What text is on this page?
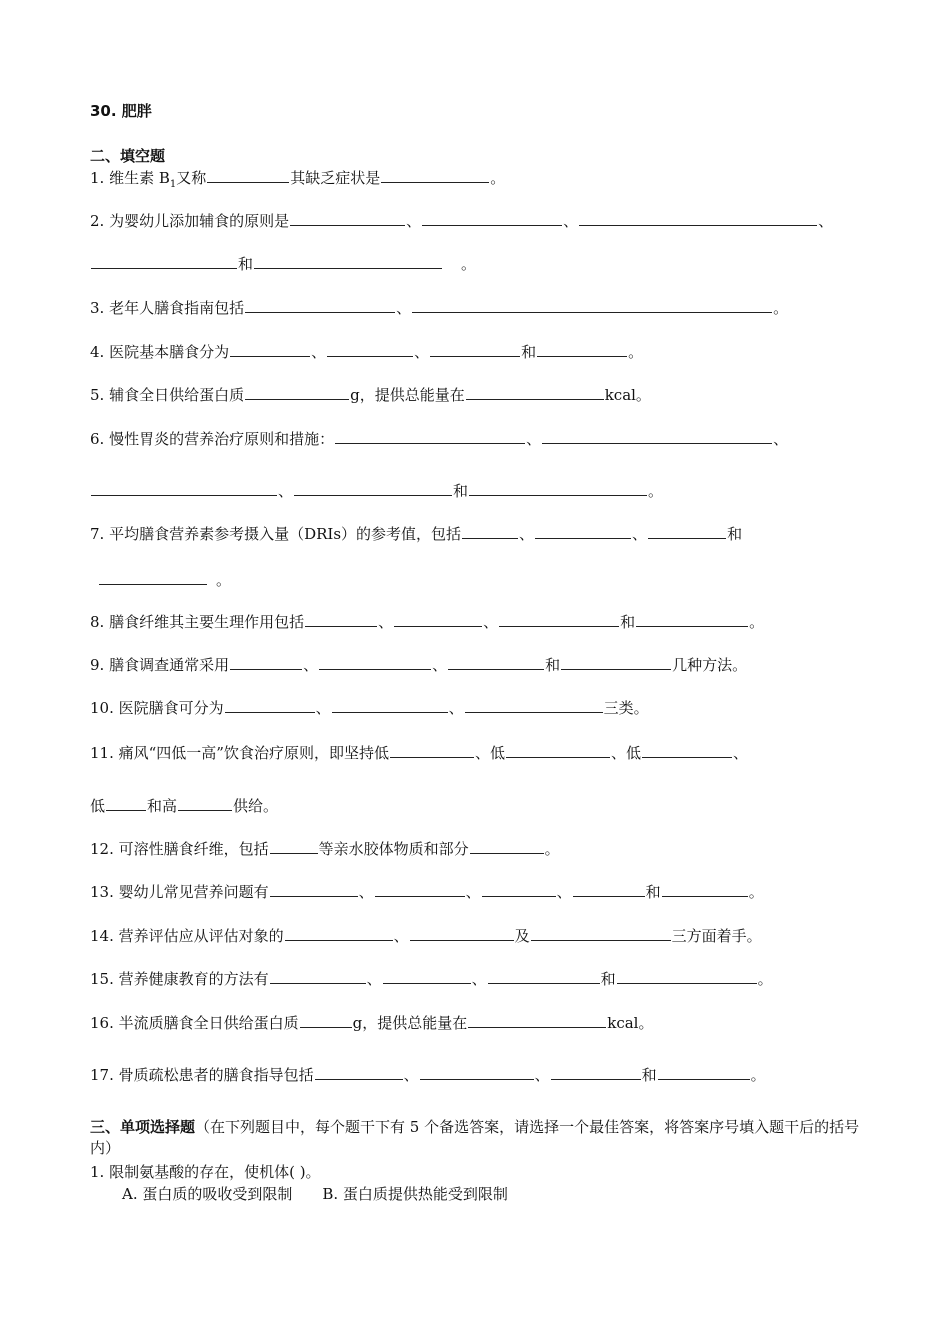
30. 肥胖
二、填空题
1. 维生素 $B_1$又称	其缺乏症状是	。
2. 为婴幼儿添加辅食的原则是	、	、	、
和	。
3. 老年人膳食指南包括	、	。
4. 医院基本膳食分为	、	、	和	。
5. 辅食全日供给蛋白质	g，提供总能量在	kcal。
6. 慢性胃炎的营养治疗原则和措施：	、	、
、	和	。
7. 平均膳食营养素参考摄入量（DRIs）的参考值，包括	、	、	和
。
8. 膳食纤维其主要生理作用包括	、	、	和	。
9. 膳食调查通常采用	、	、	和	几种方法。
10. 医院膳食可分为	、	、	三类。
11. 痛风“四低一高”饮食治疗原则，即坚持低	、低	、低	、
低	和高	供给。
12. 可溶性膳食纤维，包括	等亲水胶体物质和部分	。
13. 婴幼儿常见营养问题有	、	、	、	和	。
14. 营养评估应从评估对象的	、	及	三方面着手。
15. 营养健康教育的方法有	、	、	和	。
16. 半流质膳食全日供给蛋白质	g，提供总能量在	kcal。
17. 骨质疏松患者的膳食指导包括	、	、	和	。
三、单项选择题（在下列题目中，每个题干下有 5 个备选答案，请选择一个最佳答案，将答案序号填入题干后的括号内）
1. 限制氨基酸的存在，使机体( )。
A. 蛋白质的吸收受到限制 B. 蛋白质提供热能受到限制
